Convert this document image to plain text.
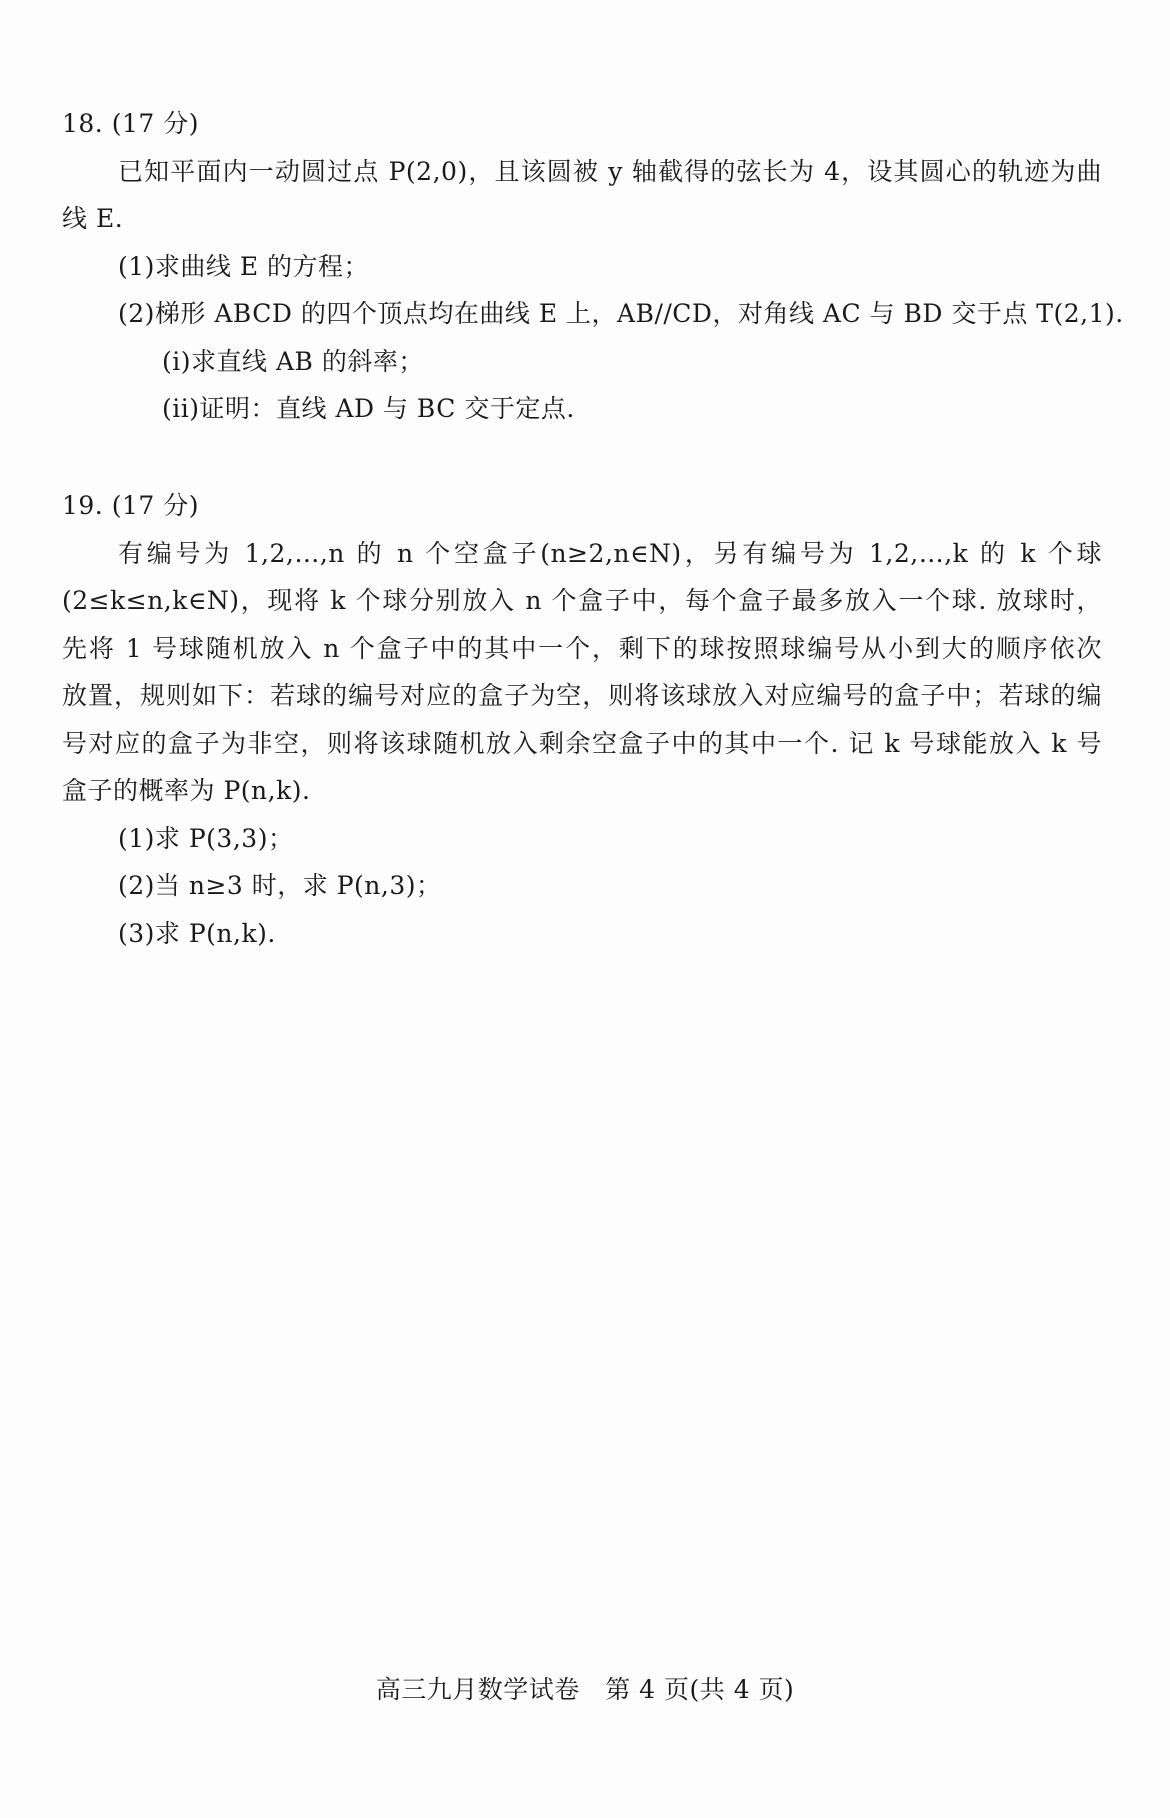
18. (17 分)
已知平面内一动圆过点 P(2,0)，且该圆被 y 轴截得的弦长为 4，设其圆心的轨迹为曲
线 E.
(1)求曲线 E 的方程；
(2)梯形 ABCD 的四个顶点均在曲线 E 上，AB//CD，对角线 AC 与 BD 交于点 T(2,1).
(i)求直线 AB 的斜率；
(ii)证明：直线 AD 与 BC 交于定点.
19. (17 分)
有编号为 1,2,…,n 的 n 个空盒子(n≥2,n∈N)，另有编号为 1,2,…,k 的 k 个球
(2≤k≤n,k∈N)，现将 k 个球分别放入 n 个盒子中，每个盒子最多放入一个球. 放球时，
先将 1 号球随机放入 n 个盒子中的其中一个，剩下的球按照球编号从小到大的顺序依次
放置，规则如下：若球的编号对应的盒子为空，则将该球放入对应编号的盒子中；若球的编
号对应的盒子为非空，则将该球随机放入剩余空盒子中的其中一个. 记 k 号球能放入 k 号
盒子的概率为 P(n,k).
(1)求 P(3,3)；
(2)当 n≥3 时，求 P(n,3)；
(3)求 P(n,k).
高三九月数学试卷　第 4 页(共 4 页)
